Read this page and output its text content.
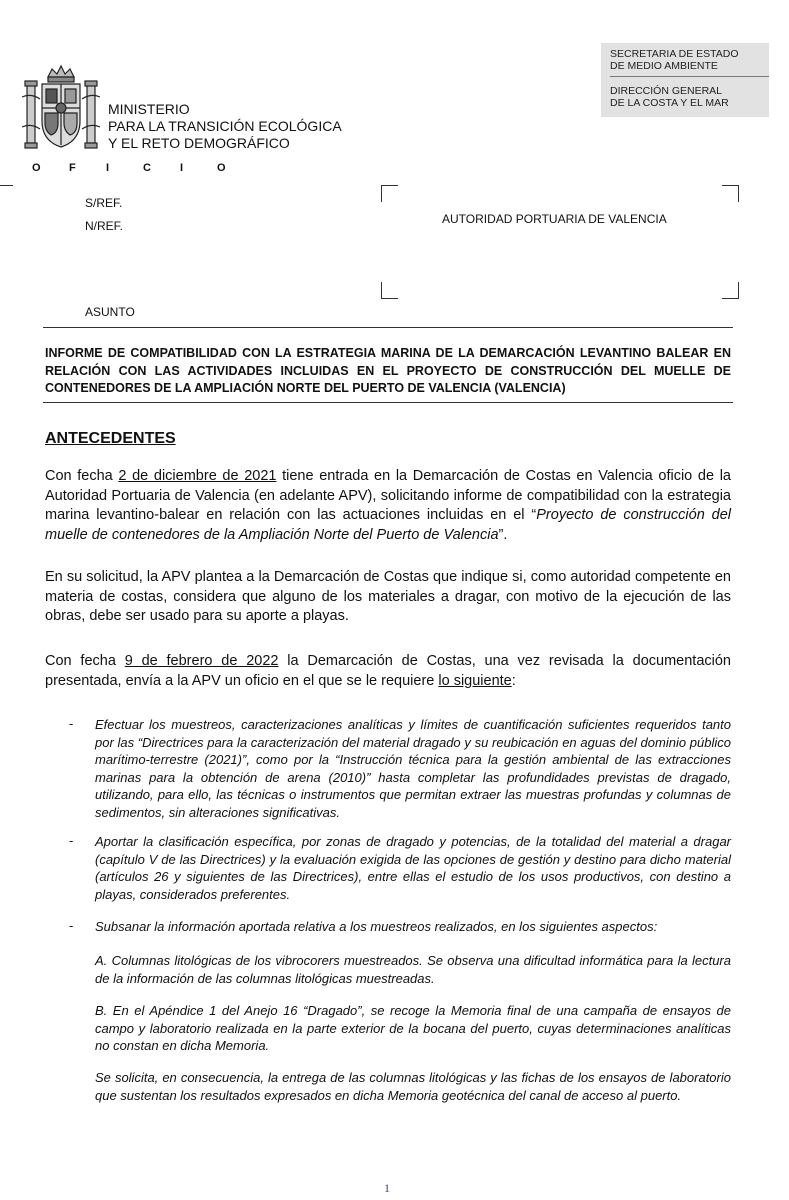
MINISTERIO
PARA LA TRANSICIÓN ECOLÓGICA
Y EL RETO DEMOGRÁFICO
SECRETARIA DE ESTADO
DE MEDIO AMBIENTE
DIRECCIÓN GENERAL
DE LA COSTA Y EL MAR
O	F	I	C	I	O
S/REF.
N/REF.	AUTORIDAD PORTUARIA DE VALENCIA
ASUNTO
INFORME DE COMPATIBILIDAD CON LA ESTRATEGIA MARINA DE LA DEMARCACIÓN LEVANTINO BALEAR EN RELACIÓN CON LAS ACTIVIDADES INCLUIDAS EN EL PROYECTO DE CONSTRUCCIÓN DEL MUELLE DE CONTENEDORES DE LA AMPLIACIÓN NORTE DEL PUERTO DE VALENCIA (VALENCIA)
ANTECEDENTES
Con fecha 2 de diciembre de 2021 tiene entrada en la Demarcación de Costas en Valencia oficio de la Autoridad Portuaria de Valencia (en adelante APV), solicitando informe de compatibilidad con la estrategia marina levantino-balear en relación con las actuaciones incluidas en el “Proyecto de construcción del muelle de contenedores de la Ampliación Norte del Puerto de Valencia”.
En su solicitud, la APV plantea a la Demarcación de Costas que indique si, como autoridad competente en materia de costas, considera que alguno de los materiales a dragar, con motivo de la ejecución de las obras, debe ser usado para su aporte a playas.
Con fecha 9 de febrero de 2022 la Demarcación de Costas, una vez revisada la documentación presentada, envía a la APV un oficio en el que se le requiere lo siguiente:
- Efectuar los muestreos, caracterizaciones analíticas y límites de cuantificación suficientes requeridos tanto por las “Directrices para la caracterización del material dragado y su reubicación en aguas del dominio público marítimo-terrestre (2021)”, como por la “Instrucción técnica para la gestión ambiental de las extracciones marinas para la obtención de arena (2010)” hasta completar las profundidades previstas de dragado, utilizando, para ello, las técnicas o instrumentos que permitan extraer las muestras profundas y columnas de sedimentos, sin alteraciones significativas.
- Aportar la clasificación específica, por zonas de dragado y potencias, de la totalidad del material a dragar (capítulo V de las Directrices) y la evaluación exigida de las opciones de gestión y destino para dicho material (artículos 26 y siguientes de las Directrices), entre ellas el estudio de los usos productivos, con destino a playas, considerados preferentes.
- Subsanar la información aportada relativa a los muestreos realizados, en los siguientes aspectos:
A. Columnas litológicas de los vibrocorers muestreados. Se observa una dificultad informática para la lectura de la información de las columnas litológicas muestreadas.
B. En el Apéndice 1 del Anejo 16 “Dragado”, se recoge la Memoria final de una campaña de ensayos de campo y laboratorio realizada en la parte exterior de la bocana del puerto, cuyas determinaciones analíticas no constan en dicha Memoria.
Se solicita, en consecuencia, la entrega de las columnas litológicas y las fichas de los ensayos de laboratorio que sustentan los resultados expresados en dicha Memoria geotécnica del canal de acceso al puerto.
1
